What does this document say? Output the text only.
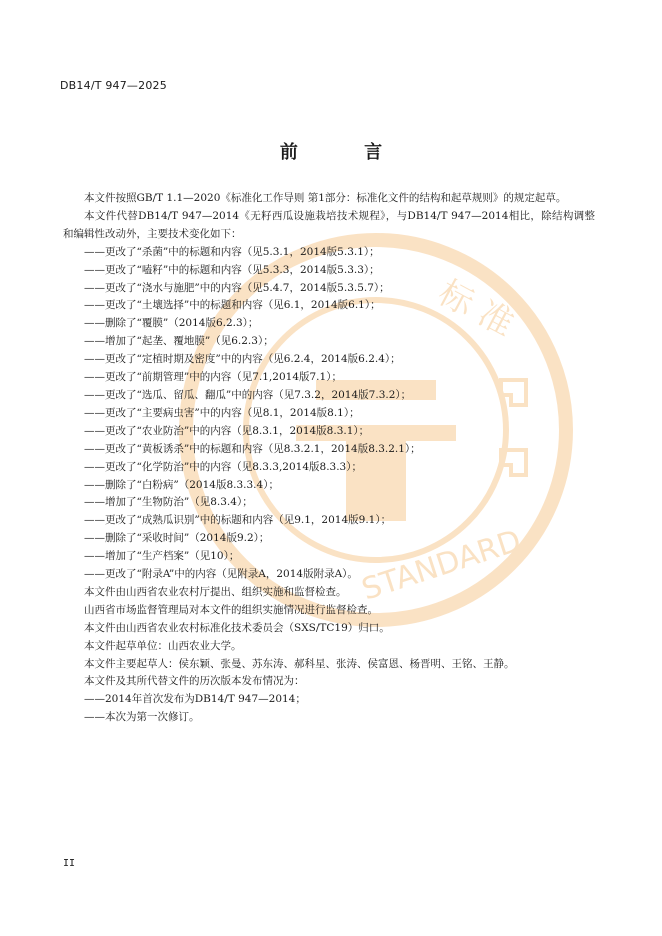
标 准
STANDARD
DB14/T 947—2025
前 言

本文件按照GB/T 1.1—2020《标准化工作导则 第1部分：标准化文件的结构和起草规则》的规定起草。

本文件代替DB14/T 947—2014《无籽西瓜设施栽培技术规程》，与DB14/T 947—2014相比，除结构调整和编辑性改动外，主要技术变化如下：

——更改了“杀菌”中的标题和内容（见5.3.1，2014版5.3.1）；

——更改了“嗑籽”中的标题和内容（见5.3.3，2014版5.3.3）；

——更改了“浇水与施肥”中的内容（见5.4.7，2014版5.3.5.7）；

——更改了“土壤选择”中的标题和内容（见6.1，2014版6.1）；

——删除了“覆膜”（2014版6.2.3）；

——增加了“起垄、覆地膜”（见6.2.3）；

——更改了“定植时期及密度”中的内容（见6.2.4，2014版6.2.4）；

——更改了“前期管理”中的内容（见7.1,2014版7.1）；

——更改了“选瓜、留瓜、翻瓜”中的内容（见7.3.2，2014版7.3.2）；

——更改了“主要病虫害”中的内容（见8.1，2014版8.1）；

——更改了“农业防治”中的内容（见8.3.1，2014版8.3.1）；

——更改了“黄板诱杀”中的标题和内容（见8.3.2.1，2014版8.3.2.1）；

——更改了“化学防治”中的内容（见8.3.3,2014版8.3.3）；

——删除了“白粉病”（2014版8.3.3.4）；

——增加了“生物防治”（见8.3.4）；

——更改了“成熟瓜识别”中的标题和内容（见9.1，2014版9.1）；

——删除了“采收时间”（2014版9.2）；

——增加了“生产档案”（见10）；

——更改了“附录A”中的内容（见附录A，2014版附录A）。

本文件由山西省农业农村厅提出、组织实施和监督检查。

山西省市场监督管理局对本文件的组织实施情况进行监督检查。

本文件由山西省农业农村标准化技术委员会（SXS/TC19）归口。

本文件起草单位：山西农业大学。

本文件主要起草人：侯东颖、张曼、苏东涛、郝科星、张涛、侯富恩、杨晋明、王铭、王静。

本文件及其所代替文件的历次版本发布情况为：

——2014年首次发布为DB14/T 947—2014；

——本次为第一次修订。

II
